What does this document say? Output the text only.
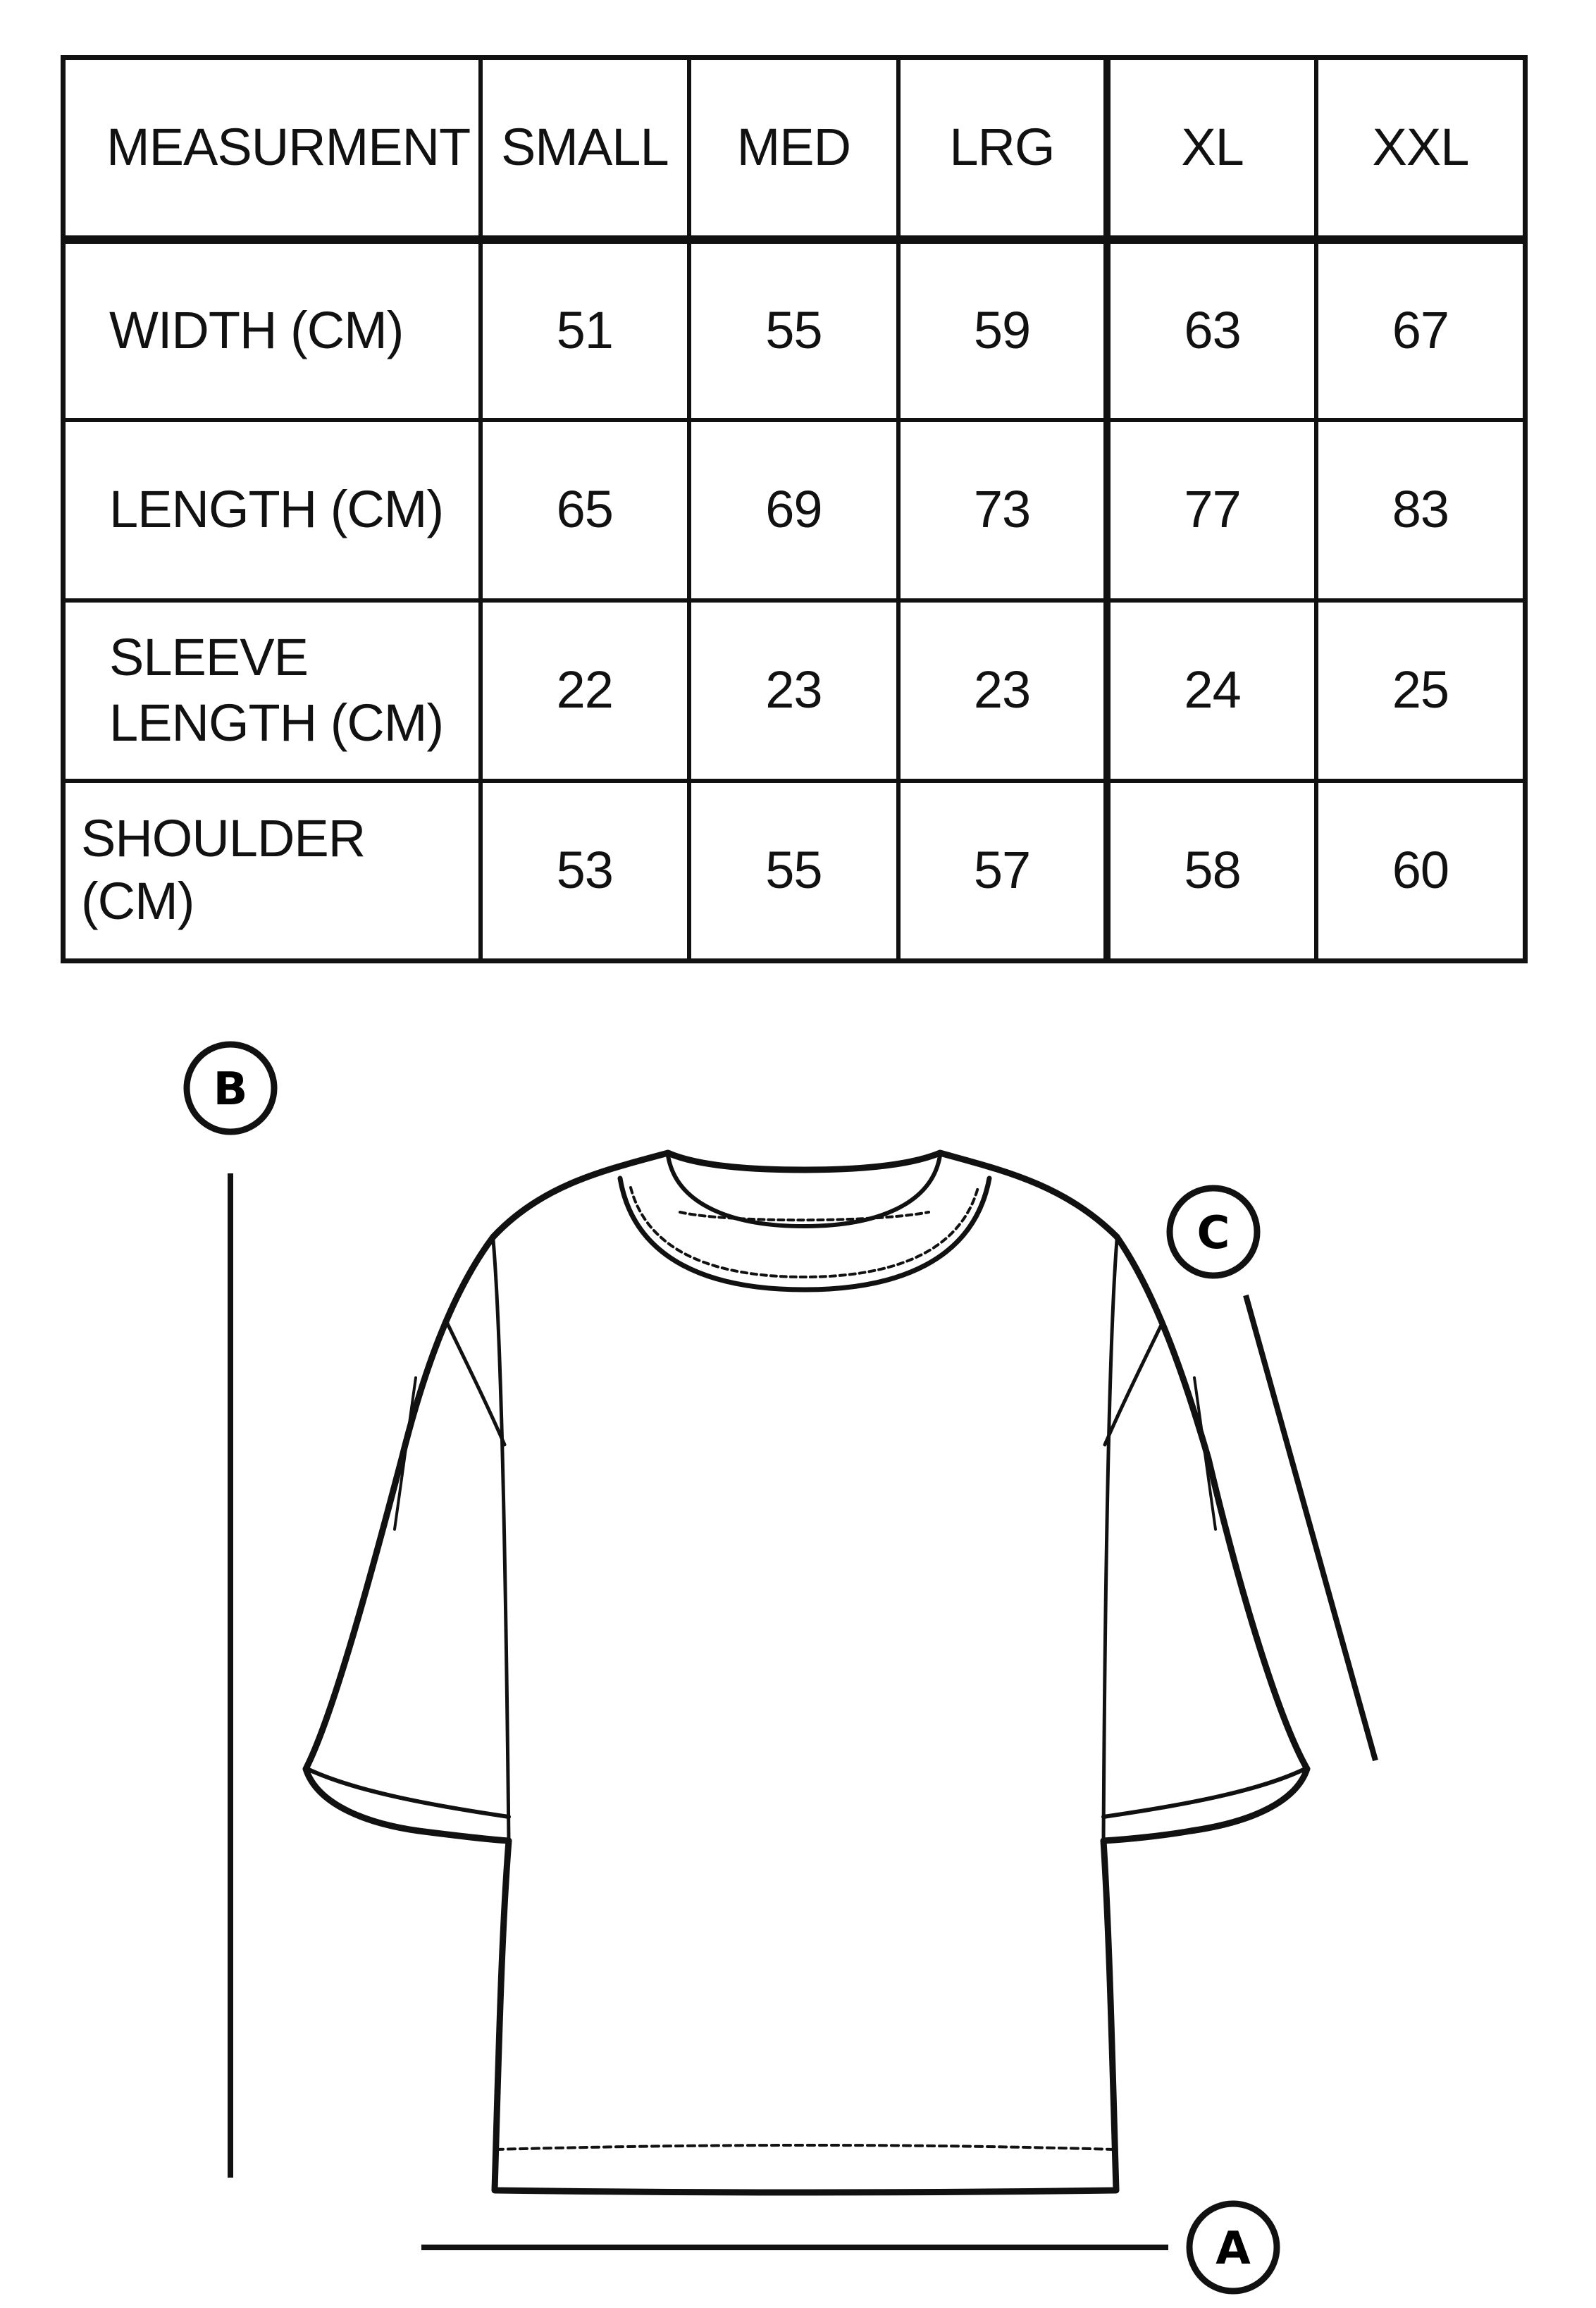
MEASURMENT	SMALL	MED	LRG	XL	XXL
WIDTH (CM)	51	55	59	63	67
LENGTH (CM)	65	69	73	77	83
SLEEVE
LENGTH (CM)	22	23	23	24	25
SHOULDER (CM)	53	55	57	58	60
B
C
A
